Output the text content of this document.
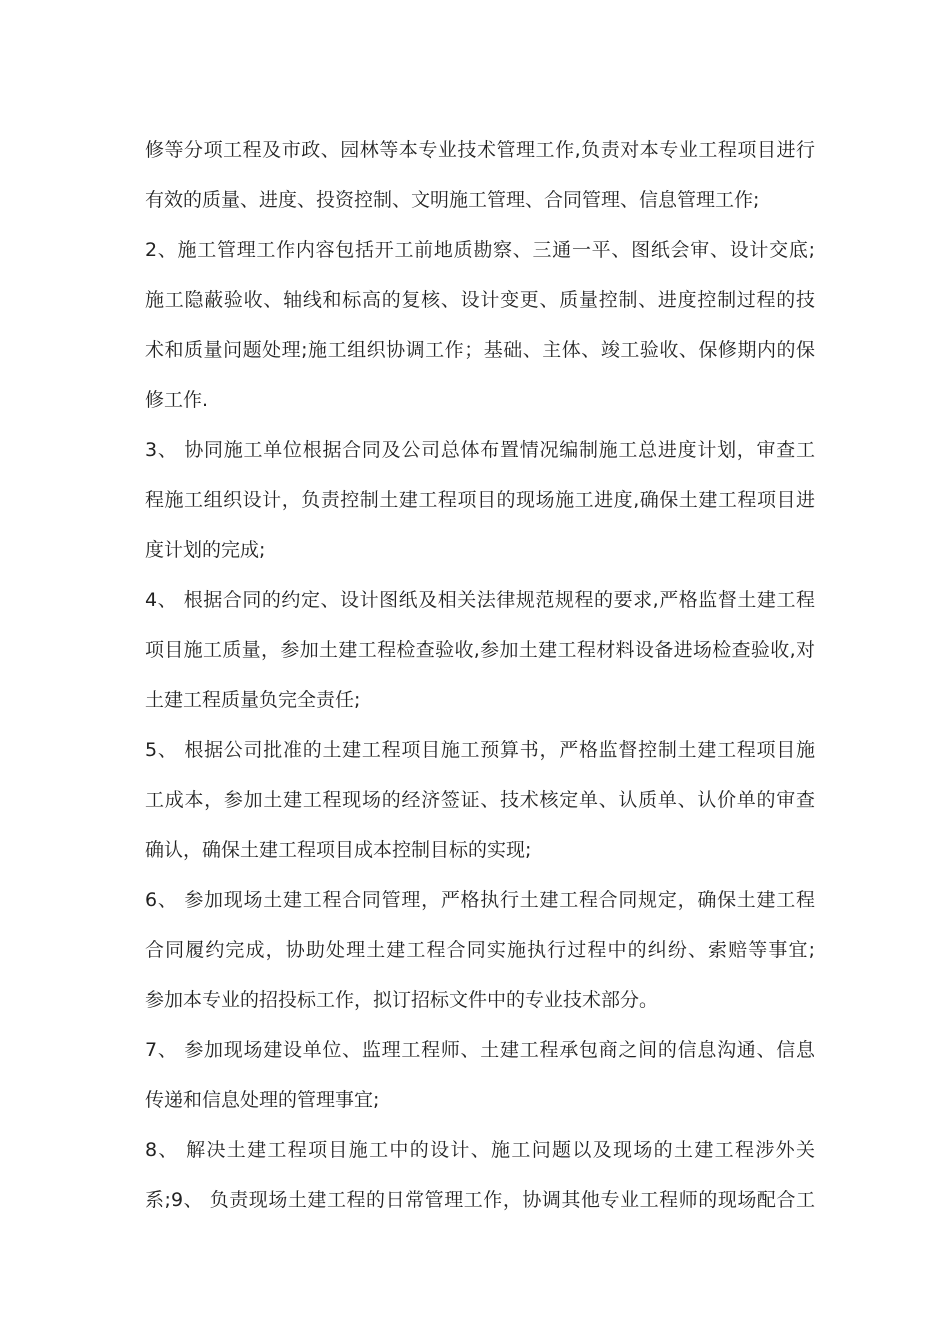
修等分项工程及市政、园林等本专业技术管理工作,负责对本专业工程项目进行
有效的质量、进度、投资控制、文明施工管理、合同管理、信息管理工作;
2、施工管理工作内容包括开工前地质勘察、三通一平、图纸会审、设计交底;
施工隐蔽验收、轴线和标高的复核、设计变更、质量控制、进度控制过程的技
术和质量问题处理;施工组织协调工作；基础、主体、竣工验收、保修期内的保
修工作.
3、 协同施工单位根据合同及公司总体布置情况编制施工总进度计划，审查工
程施工组织设计，负责控制土建工程项目的现场施工进度,确保土建工程项目进
度计划的完成;
4、 根据合同的约定、设计图纸及相关法律规范规程的要求,严格监督土建工程
项目施工质量，参加土建工程检查验收,参加土建工程材料设备进场检查验收,对
土建工程质量负完全责任;
5、 根据公司批准的土建工程项目施工预算书，严格监督控制土建工程项目施
工成本，参加土建工程现场的经济签证、技术核定单、认质单、认价单的审查
确认，确保土建工程项目成本控制目标的实现;
6、 参加现场土建工程合同管理，严格执行土建工程合同规定，确保土建工程
合同履约完成，协助处理土建工程合同实施执行过程中的纠纷、索赔等事宜;
参加本专业的招投标工作，拟订招标文件中的专业技术部分。
7、 参加现场建设单位、监理工程师、土建工程承包商之间的信息沟通、信息
传递和信息处理的管理事宜;
8、 解决土建工程项目施工中的设计、施工问题以及现场的土建工程涉外关
系;9、 负责现场土建工程的日常管理工作，协调其他专业工程师的现场配合工
